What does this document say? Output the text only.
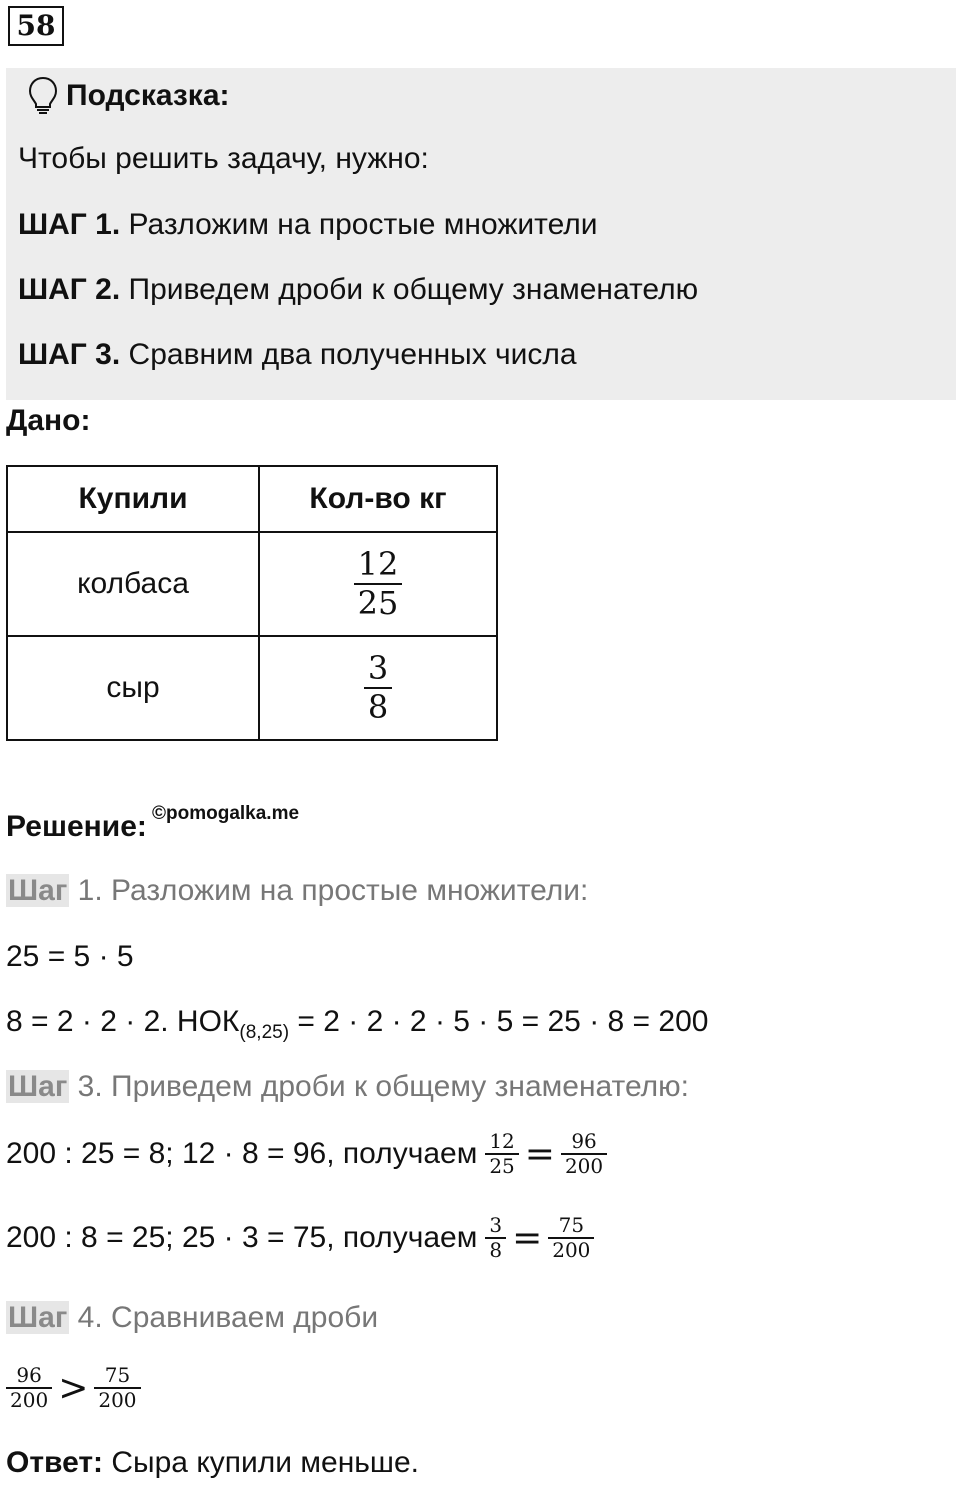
58
Подсказка:
Чтобы решить задачу, нужно:
ШАГ 1. Разложим на простые множители
ШАГ 2. Приведем дроби к общему знаменателю
ШАГ 3. Сравним два полученных числа
Дано:
Купили	Кол-во кг
колбаса	$\frac{12}{25}$

сыр	$\frac{3}{8}$
Решение: ©pomogalka.me
Шаг 1. Разложим на простые множители:
25 = 5 · 5
8 = 2 · 2 · 2. $НОК_{(8,25)} = 2 \cdot 2 \cdot 2 \cdot 5 \cdot 5 = 25 \cdot 8 = 200$
Шаг 3. Приведем дроби к общему знаменателю:
200 : 25 = 8; 12 · 8 = 96, получаем $\frac{12}{25} = \frac{96}{200}$
200 : 8 = 25; 25 · 3 = 75, получаем $\frac{3}{8} = \frac{75}{200}$
Шаг 4. Сравниваем дроби
$\frac{96}{200} > \frac{75}{200}$
Ответ: Сыра купили меньше.
